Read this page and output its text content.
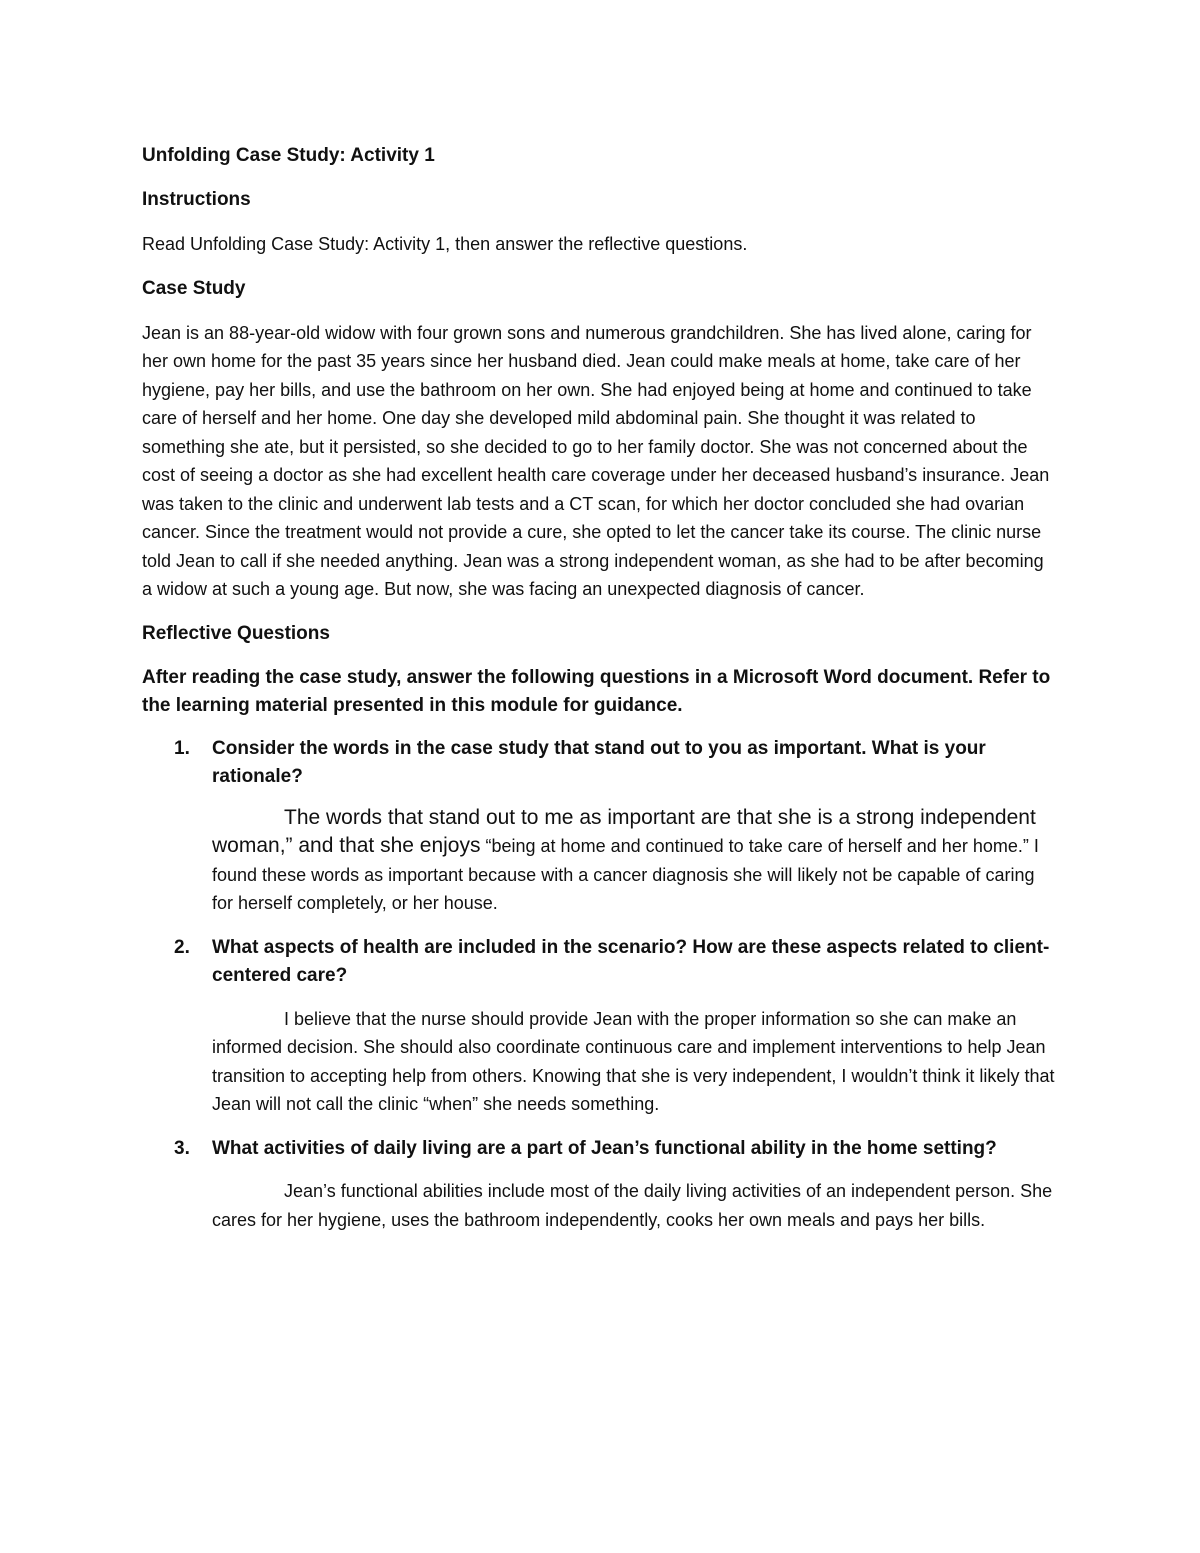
Unfolding Case Study: Activity 1
Instructions

Read Unfolding Case Study: Activity 1, then answer the reflective questions.

Case Study

Jean is an 88-year-old widow with four grown sons and numerous grandchildren. She has lived alone, caring for her own home for the past 35 years since her husband died. Jean could make meals at home, take care of her hygiene, pay her bills, and use the bathroom on her own. She had enjoyed being at home and continued to take care of herself and her home. One day she developed mild abdominal pain. She thought it was related to something she ate, but it persisted, so she decided to go to her family doctor. She was not concerned about the cost of seeing a doctor as she had excellent health care coverage under her deceased husband’s insurance. Jean was taken to the clinic and underwent lab tests and a CT scan, for which her doctor concluded she had ovarian cancer. Since the treatment would not provide a cure, she opted to let the cancer take its course. The clinic nurse told Jean to call if she needed anything. Jean was a strong independent woman, as she had to be after becoming a widow at such a young age. But now, she was facing an unexpected diagnosis of cancer.

Reflective Questions

After reading the case study, answer the following questions in a Microsoft Word document. Refer to the learning material presented in this module for guidance.

1.	Consider the words in the case study that stand out to you as important. What is your rationale?

The words that stand out to me as important are that she is a strong independent woman,” and that she enjoys “being at home and continued to take care of herself and her home.” I found these words as important because with a cancer diagnosis she will likely not be capable of caring for herself completely, or her house.

2.	What aspects of health are included in the scenario? How are these aspects related to client-centered care?

I believe that the nurse should provide Jean with the proper information so she can make an informed decision. She should also coordinate continuous care and implement interventions to help Jean transition to accepting help from others. Knowing that she is very independent, I wouldn’t think it likely that Jean will not call the clinic “when” she needs something.

3.	What activities of daily living are a part of Jean’s functional ability in the home setting?

Jean’s functional abilities include most of the daily living activities of an independent person. She cares for her hygiene, uses the bathroom independently, cooks her own meals and pays her bills.
